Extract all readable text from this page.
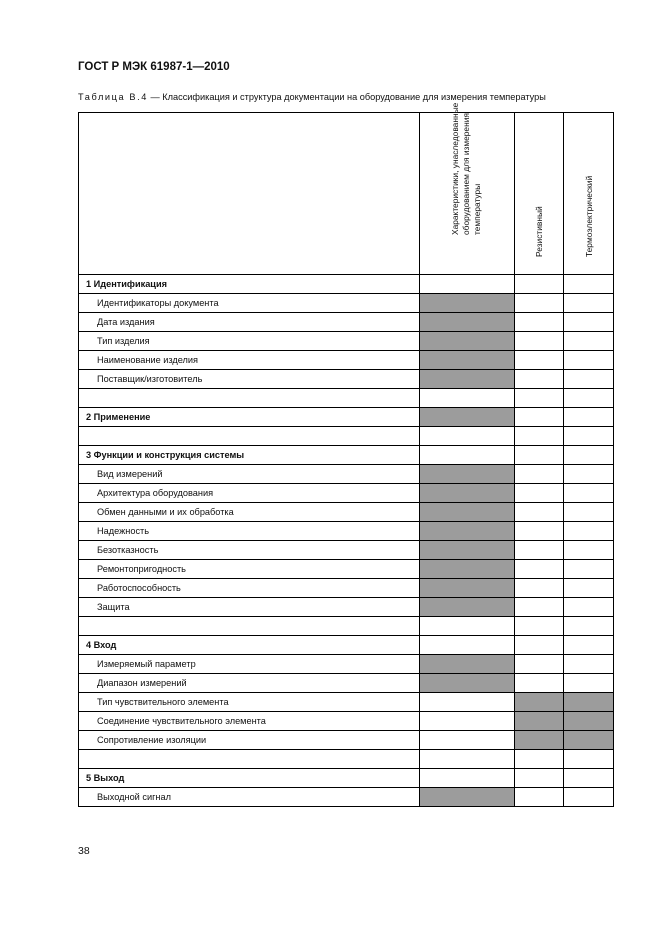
ГОСТ Р МЭК 61987-1—2010
Таблица В.4 — Классификация и структура документации на оборудование для измерения температуры

	Характеристики, унаследованные оборудованием для измерения температуры	Резистивный	Термоэлектрический

1 Идентификация			
Идентификаторы документа			
Дата издания			
Тип изделия			
Наименование изделия			
Поставщик/изготовитель			

2 Применение			

3 Функции и конструкция системы			
Вид измерений			
Архитектура оборудования			
Обмен данными и их обработка			
Надежность			
Безотказность			
Ремонтопригодность			
Работоспособность			
Защита			

4 Вход			
Измеряемый параметр			
Диапазон измерений			
Тип чувствительного элемента			
Соединение чувствительного элемента			
Сопротивление изоляции			

5 Выход			
Выходной сигнал			
38
